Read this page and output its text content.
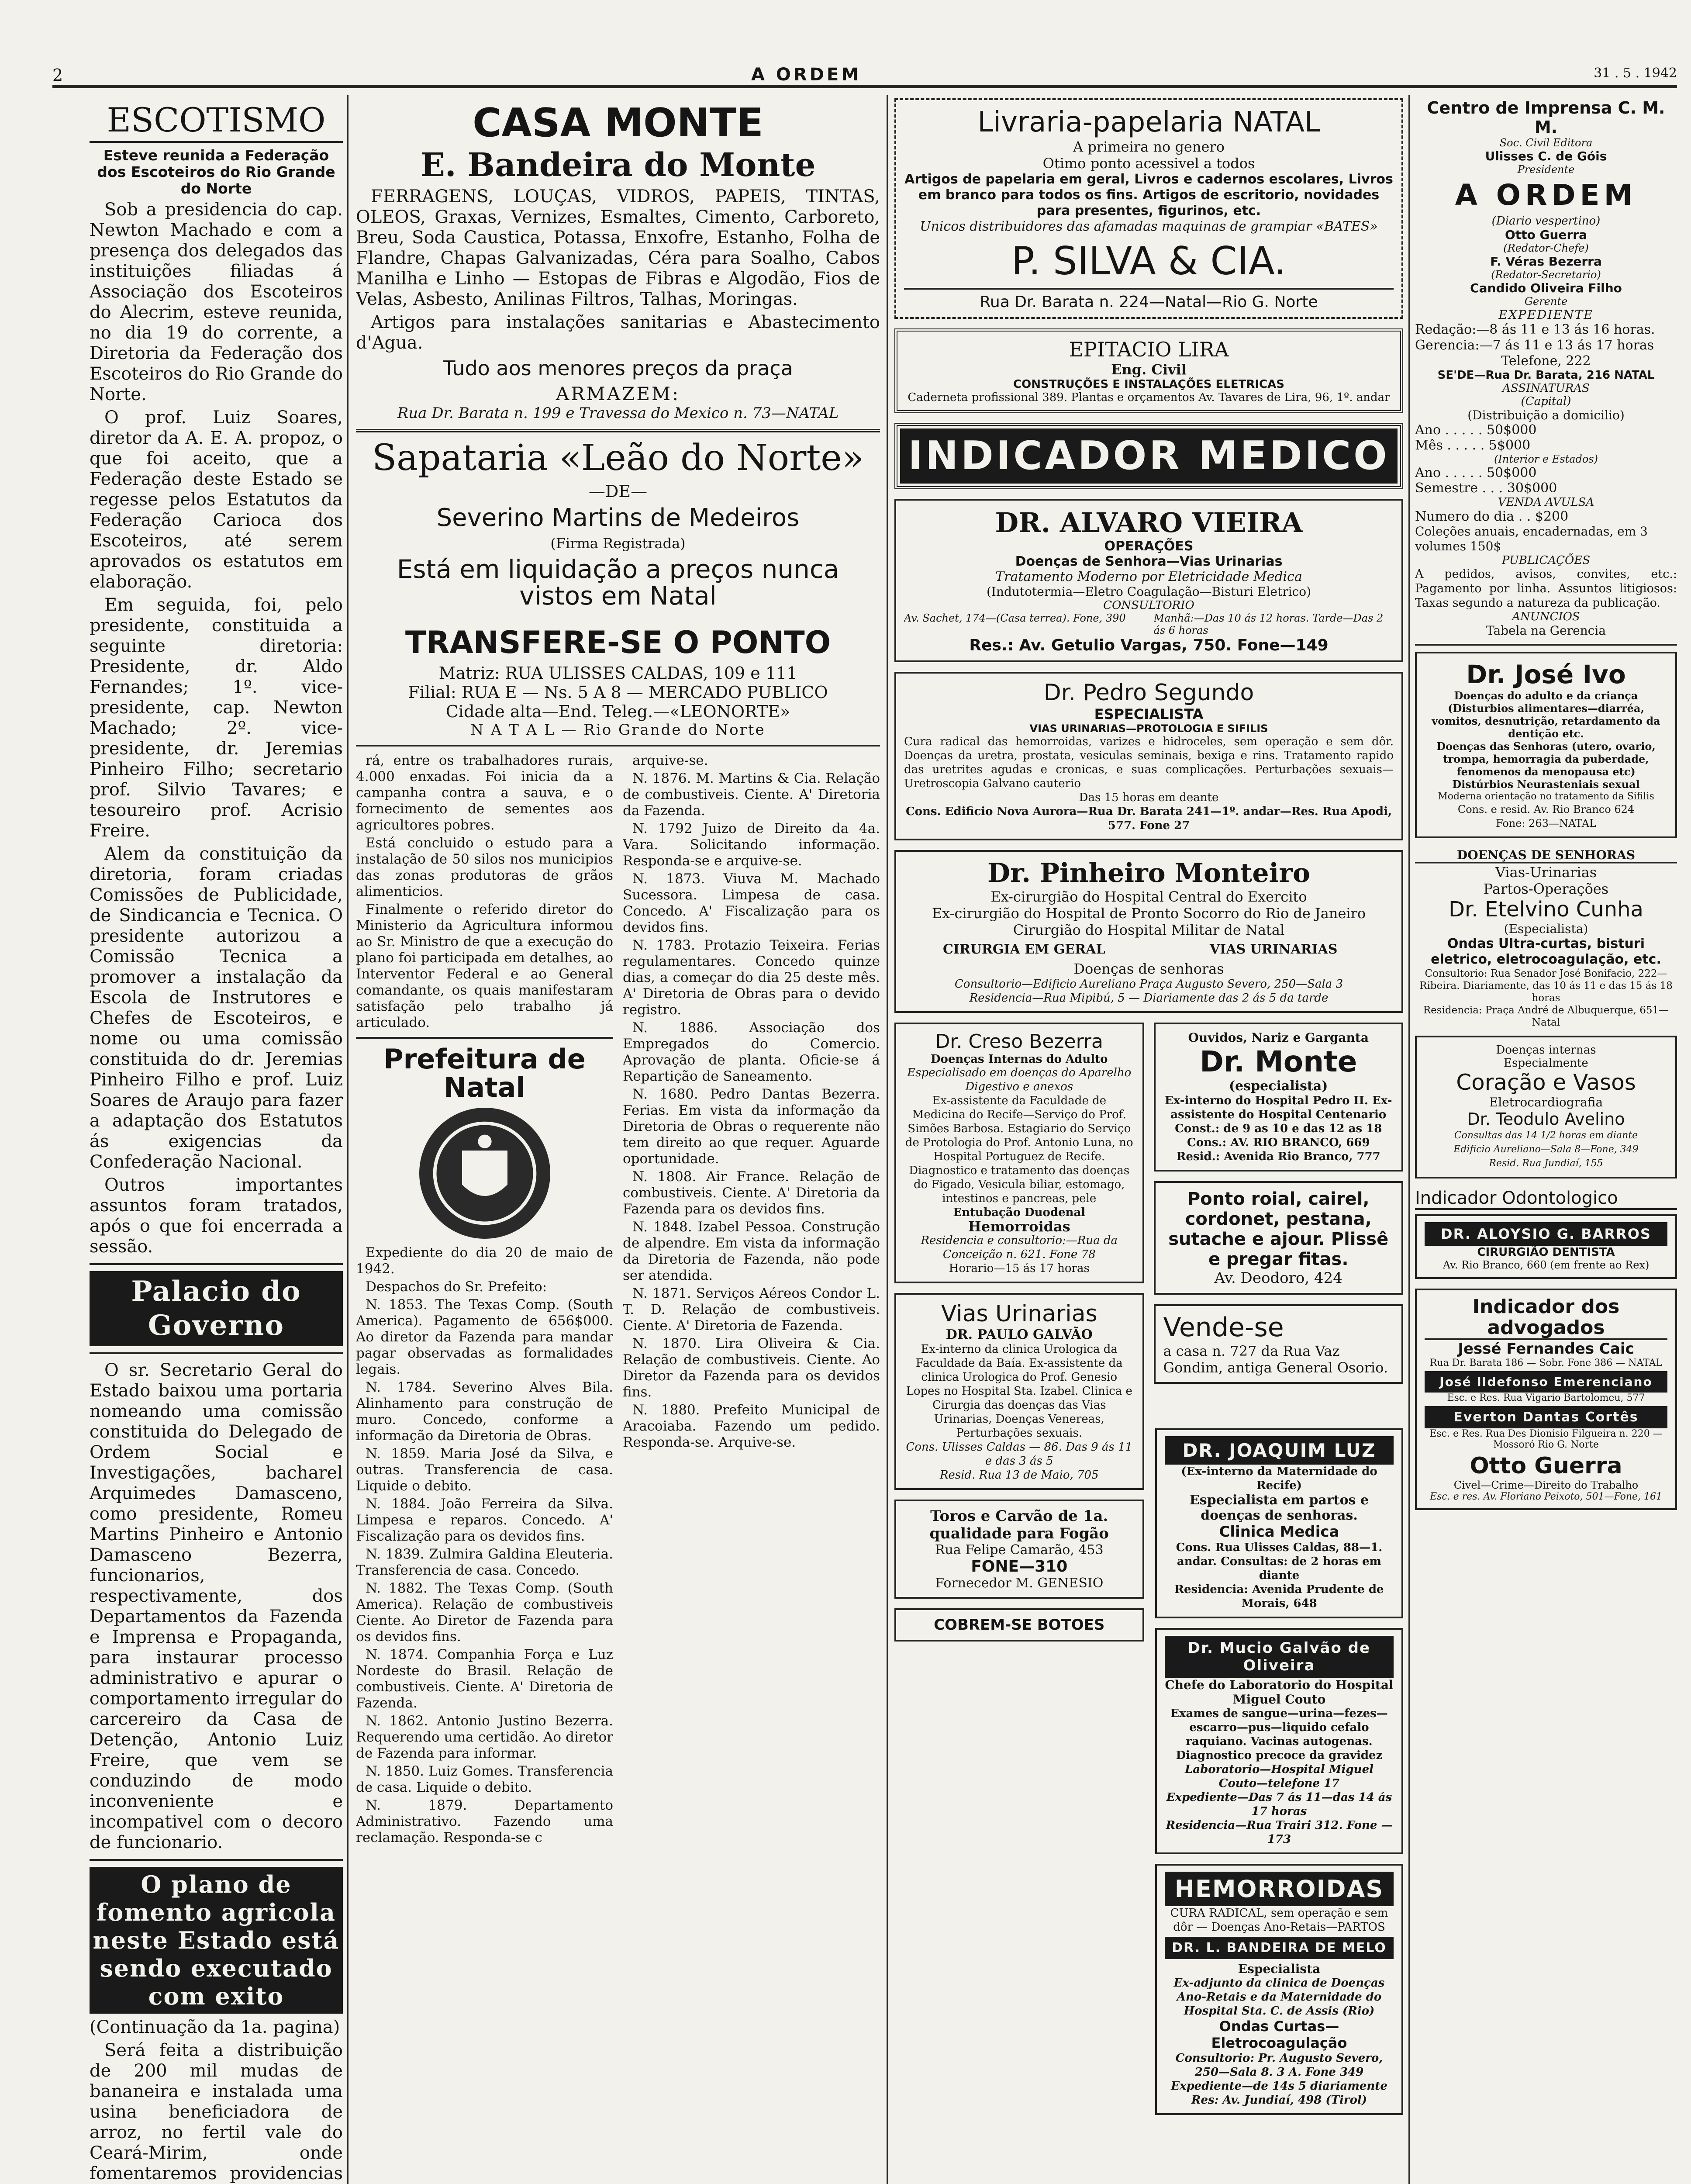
2	A ORDEM	31 . 5 . 1942
ESCOTISMO

Esteve reunida a Federação dos Escoteiros do Rio Grande do Norte

Sob a presidencia do cap. Newton Machado e com a presença dos delegados das instituições filiadas á Associação dos Escoteiros do Alecrim, esteve reunida, no dia 19 do corrente, a Diretoria da Federação dos Escoteiros do Rio Grande do Norte.

O prof. Luiz Soares, diretor da A. E. A. propoz, o que foi aceito, que a Federação deste Estado se regesse pelos Estatutos da Federação Carioca dos Escoteiros, até serem aprovados os estatutos em elaboração.

Em seguida, foi, pelo presidente, constituida a seguinte diretoria: Presidente, dr. Aldo Fernandes; 1º. vice-presidente, cap. Newton Machado; 2º. vice-presidente, dr. Jeremias Pinheiro Filho; secretario prof. Silvio Tavares; e tesoureiro prof. Acrisio Freire.

Alem da constituição da diretoria, foram criadas Comissões de Publicidade, de Sindicancia e Tecnica. O presidente autorizou a Comissão Tecnica a promover a instalação da Escola de Instrutores e Chefes de Escoteiros, e nome ou uma comissão constituida do dr. Jeremias Pinheiro Filho e prof. Luiz Soares de Araujo para fazer a adaptação dos Estatutos ás exigencias da Confederação Nacional.

Outros importantes assuntos foram tratados, após o que foi encerrada a sessão.

Palacio do Governo

O sr. Secretario Geral do Estado baixou uma portaria nomeando uma comissão constituida do Delegado de Ordem Social e Investigações, bacharel Arquimedes Damasceno, como presidente, Romeu Martins Pinheiro e Antonio Damasceno Bezerra, funcionarios, respectivamente, dos Departamentos da Fazenda e Imprensa e Propaganda, para instaurar processo administrativo e apurar o comportamento irregular do carcereiro da Casa de Detenção, Antonio Luiz Freire, que vem se conduzindo de modo inconveniente e incompativel com o decoro de funcionario.

O plano de fomento agricola neste Estado está sendo executado com exito

(Continuação da 1a. pagina)

Será feita a distribuição de 200 mil mudas de bananeira e instalada uma usina beneficiadora de arroz, no fertil vale do Ceará-Mirim, onde fomentaremos providencias

CASA MONTE
E. Bandeira do Monte

FERRAGENS, LOUÇAS, VIDROS, PAPEIS, TINTAS, OLEOS, Graxas, Vernizes, Esmaltes, Cimento, Carboreto, Breu, Soda Caustica, Potassa, Enxofre, Estanho, Folha de Flandre, Chapas Galvanizadas, Céra para Soalho, Cabos Manilha e Linho — Estopas de Fibras e Algodão, Fios de Velas, Asbesto, Anilinas Filtros, Talhas, Moringas.

Artigos para instalações sanitarias e Abastecimento d'Agua.

Tudo aos menores preços da praça
ARMAZEM:
Rua Dr. Barata n. 199 e Travessa do Mexico n. 73—NATAL
Sapataria «Leão do Norte»
—DE—
Severino Martins de Medeiros
(Firma Registrada)
Está em liquidação a preços nunca vistos em Natal
TRANSFERE-SE O PONTO
Matriz: RUA ULISSES CALDAS, 109 e 111
Filial: RUA E — Ns. 5 A 8 — MERCADO PUBLICO
Cidade alta—End. Teleg.—«LEONORTE»
N A T A L — Rio Grande do Norte

rá, entre os trabalhadores rurais, 4.000 enxadas. Foi inicia da a campanha contra a sauva, e o fornecimento de sementes aos agricultores pobres.

Está concluido o estudo para a instalação de 50 silos nos municipios das zonas produtoras de grãos alimenticios.

Finalmente o referido diretor do Ministerio da Agricultura informou ao Sr. Ministro de que a execução do plano foi participada em detalhes, ao Interventor Federal e ao General comandante, os quais manifestaram satisfação pelo trabalho já articulado.

Prefeitura de Natal

Expediente do dia 20 de maio de 1942.

Despachos do Sr. Prefeito:

N. 1853. The Texas Comp. (South America). Pagamento de 656$000. Ao diretor da Fazenda para mandar pagar observadas as formalidades legais.

N. 1784. Severino Alves Bila. Alinhamento para construção de muro. Concedo, conforme a informação da Diretoria de Obras.

N. 1859. Maria José da Silva, e outras. Transferencia de casa. Liquide o debito.

N. 1884. João Ferreira da Silva. Limpesa e reparos. Concedo. A' Fiscalização para os devidos fins.

N. 1839. Zulmira Galdina Eleuteria. Transferencia de casa. Concedo.

N. 1882. The Texas Comp. (South America). Relação de combustiveis Ciente. Ao Diretor de Fazenda para os devidos fins.

N. 1874. Companhia Força e Luz Nordeste do Brasil. Relação de combustiveis. Ciente. A' Diretoria de Fazenda.

N. 1862. Antonio Justino Bezerra. Requerendo uma certidão. Ao diretor de Fazenda para informar.

N. 1850. Luiz Gomes. Transferencia de casa. Liquide o debito.

N. 1879. Departamento Administrativo. Fazendo uma reclamação. Responda-se c

arquive-se.

N. 1876. M. Martins & Cia. Relação de combustiveis. Ciente. A' Diretoria da Fazenda.

N. 1792 Juizo de Direito da 4a. Vara. Solicitando informação. Responda-se e arquive-se.

N. 1873. Viuva M. Machado Sucessora. Limpesa de casa. Concedo. A' Fiscalização para os devidos fins.

N. 1783. Protazio Teixeira. Ferias regulamentares. Concedo quinze dias, a começar do dia 25 deste mês. A' Diretoria de Obras para o devido registro.

N. 1886. Associação dos Empregados do Comercio. Aprovação de planta. Oficie-se á Repartição de Saneamento.

N. 1680. Pedro Dantas Bezerra. Ferias. Em vista da informação da Diretoria de Obras o requerente não tem direito ao que requer. Aguarde oportunidade.

N. 1808. Air France. Relação de combustiveis. Ciente. A' Diretoria da Fazenda para os devidos fins.

N. 1848. Izabel Pessoa. Construção de alpendre. Em vista da informação da Diretoria de Fazenda, não pode ser atendida.

N. 1871. Serviços Aéreos Condor L. T. D. Relação de combustiveis. Ciente. A' Diretoria de Fazenda.

N. 1870. Lira Oliveira & Cia. Relação de combustiveis. Ciente. Ao Diretor da Fazenda para os devidos fins.

N. 1880. Prefeito Municipal de Aracoiaba. Fazendo um pedido. Responda-se. Arquive-se.

Livraria-papelaria NATAL
A primeira no genero
Otimo ponto acessivel a todos
Artigos de papelaria em geral, Livros e cadernos escolares, Livros em branco para todos os fins. Artigos de escritorio, novidades para presentes, figurinos, etc.
Unicos distribuidores das afamadas maquinas de grampiar «BATES»
P. SILVA & CIA.
Rua Dr. Barata n. 224—Natal—Rio G. Norte
EPITACIO LIRA
Eng. Civil
CONSTRUÇÕES E INSTALAÇÕES ELETRICAS
Caderneta profissional 389. Plantas e orçamentos Av. Tavares de Lira, 96, 1º. andar
INDICADOR MEDICO
DR. ALVARO VIEIRA
OPERAÇÕES
Doenças de Senhora—Vias Urinarias
Tratamento Moderno por Eletricidade Medica
(Indutotermia—Eletro Coagulação—Bisturi Eletrico)
CONSULTORIO
Av. Sachet, 174—(Casa terrea). Fone, 390	Manhã:—Das 10 ás 12 horas. Tarde—Das 2 ás 6 horas
Res.: Av. Getulio Vargas, 750. Fone—149
Dr. Pedro Segundo
ESPECIALISTA
VIAS URINARIAS—PROTOLOGIA E SIFILIS

Cura radical das hemorroidas, varizes e hidroceles, sem operação e sem dôr. Doenças da uretra, prostata, vesiculas seminais, bexiga e rins. Tratamento rapido das uretrites agudas e cronicas, e suas complicações. Perturbações sexuais—Uretroscopia Galvano cauterio

Das 15 horas em deante

Cons. Edificio Nova Aurora—Rua Dr. Barata 241—1º. andar—Res. Rua Apodi, 577. Fone 27

Dr. Pinheiro Monteiro
Ex-cirurgião do Hospital Central do Exercito
Ex-cirurgião do Hospital de Pronto Socorro do Rio de Janeiro
Cirurgião do Hospital Militar de Natal
CIRURGIA EM GERAL	VIAS URINARIAS
Doenças de senhoras

Consultorio—Edificio Aureliano Praça Augusto Severo, 250—Sala 3

Residencia—Rua Mipibú, 5 — Diariamente das 2 ás 5 da tarde

Dr. Creso Bezerra
Doenças Internas do Adulto

Especialisado em doenças do Aparelho Digestivo e anexos

Ex-assistente da Faculdade de Medicina do Recife—Serviço do Prof. Simões Barbosa. Estagiario do Serviço de Protologia do Prof. Antonio Luna, no Hospital Portuguez de Recife.

Diagnostico e tratamento das doenças do Figado, Vesicula biliar, estomago, intestinos e pancreas, pele

Entubação Duodenal

Hemorroidas

Residencia e consultorio:—Rua da Conceição n. 621. Fone 78

Horario—15 ás 17 horas

Vias Urinarias
DR. PAULO GALVÃO

Ex-interno da clinica Urologica da Faculdade da Baía. Ex-assistente da clinica Urologica do Prof. Genesio Lopes no Hospital Sta. Izabel. Clinica e Cirurgia das doenças das Vias Urinarias, Doenças Venereas, Perturbações sexuais.

Cons. Ulisses Caldas — 86. Das 9 ás 11 e das 3 ás 5

Resid. Rua 13 de Maio, 705

Toros e Carvão de 1a. qualidade para Fogão
Rua Felipe Camarão, 453
FONE—310
Fornecedor M. GENESIO
COBREM-SE BOTOES
Ouvidos, Nariz e Garganta
Dr. Monte
(especialista)

Ex-interno do Hospital Pedro II. Ex-assistente do Hospital Centenario

Const.: de 9 as 10 e das 12 as 18

Cons.: AV. RIO BRANCO, 669

Resid.: Avenida Rio Branco, 777

Ponto roial, cairel, cordonet, pestana, sutache e ajour. Plissê e pregar fitas.
Av. Deodoro, 424
Vende-se
a casa n. 727 da Rua Vaz Gondim, antiga General Osorio.
DR. JOAQUIM LUZ

(Ex-interno da Maternidade do Recife)

Especialista em partos e doenças de senhoras.
Clinica Medica

Cons. Rua Ulisses Caldas, 88—1. andar. Consultas: de 2 horas em diante

Residencia: Avenida Prudente de Morais, 648

Dr. Mucio Galvão de Oliveira
Chefe do Laboratorio do Hospital Miguel Couto

Exames de sangue—urina—fezes—escarro—pus—liquido cefalo raquiano. Vacinas autogenas. Diagnostico precoce da gravidez

Laboratorio—Hospital Miguel Couto—telefone 17

Expediente—Das 7 ás 11—das 14 ás 17 horas

Residencia—Rua Trairi 312. Fone — 173

HEMORROIDAS

CURA RADICAL, sem operação e sem dôr — Doenças Ano-Retais—PARTOS

DR. L. BANDEIRA DE MELO
Especialista

Ex-adjunto da clinica de Doenças Ano-Retais e da Maternidade do Hospital Sta. C. de Assis (Rio)

Ondas Curtas—Eletrocoagulação

Consultorio: Pr. Augusto Severo, 250—Sala 8. 3 A. Fone 349

Expediente—de 14s 5 diariamente

Res: Av. Jundiaí, 498 (Tirol)

Centro de Imprensa C. M. M.
Soc. Civil Editora
Ulisses C. de Góis
Presidente
A ORDEM
(Diario vespertino)
Otto Guerra
(Redator-Chefe)
F. Véras Bezerra
(Redator-Secretario)
Candido Oliveira Filho
Gerente
EXPEDIENTE
Redação:—8 ás 11 e 13 ás 16 horas.
Gerencia:—7 ás 11 e 13 ás 17 horas
Telefone, 222
SE'DE—Rua Dr. Barata, 216 NATAL
ASSINATURAS
(Capital)
(Distribuição a domicilio)
Ano . . . . . 50$000
Mês . . . . . 5$000
(Interior e Estados)
Ano . . . . . 50$000
Semestre . . . 30$000
VENDA AVULSA
Numero do dia . . $200
Coleções anuais, encadernadas, em 3 volumes 150$
PUBLICAÇÕES
A pedidos, avisos, convites, etc.: Pagamento por linha. Assuntos litigiosos: Taxas segundo a natureza da publicação.
ANUNCIOS
Tabela na Gerencia
Dr. José Ivo

Doenças do adulto e da criança (Disturbios alimentares—diarréa, vomitos, desnutrição, retardamento da dentição etc.

Doenças das Senhoras (utero, ovario, trompa, hemorragia da puberdade, fenomenos da menopausa etc)

Distúrbios Neurasteniais sexual

Moderna orientação no tratamento da Sifilis

Cons. e resid. Av. Rio Branco 624

Fone: 263—NATAL

DOENÇAS DE SENHORAS
Vias-Urinarias
Partos-Operações
Dr. Etelvino Cunha
(Especialista)
Ondas Ultra-curtas, bisturi eletrico, eletrocoagulação, etc.

Consultorio: Rua Senador José Bonifacio, 222—Ribeira. Diariamente, das 10 ás 11 e das 15 ás 18 horas

Residencia: Praça André de Albuquerque, 651—Natal

Doenças internas
Especialmente
Coração e Vasos
Eletrocardiografia
Dr. Teodulo Avelino

Consultas das 14 1/2 horas em diante

Edificio Aureliano—Sala 8—Fone, 349

Resid. Rua Jundiaí, 155

Indicador Odontologico
DR. ALOYSIO G. BARROS
CIRURGIÃO DENTISTA
Av. Rio Branco, 660 (em frente ao Rex)
Indicador dos advogados
Jessé Fernandes Caic
Rua Dr. Barata 186 — Sobr. Fone 386 — NATAL
José Ildefonso Emerenciano
Esc. e Res. Rua Vigario Bartolomeu, 577
Everton Dantas Cortês
Esc. e Res. Rua Des Dionisio Filgueira n. 220 — Mossoró Rio G. Norte
Otto Guerra
Civel—Crime—Direito do Trabalho
Esc. e res. Av. Floriano Peixoto, 501—Fone, 161
